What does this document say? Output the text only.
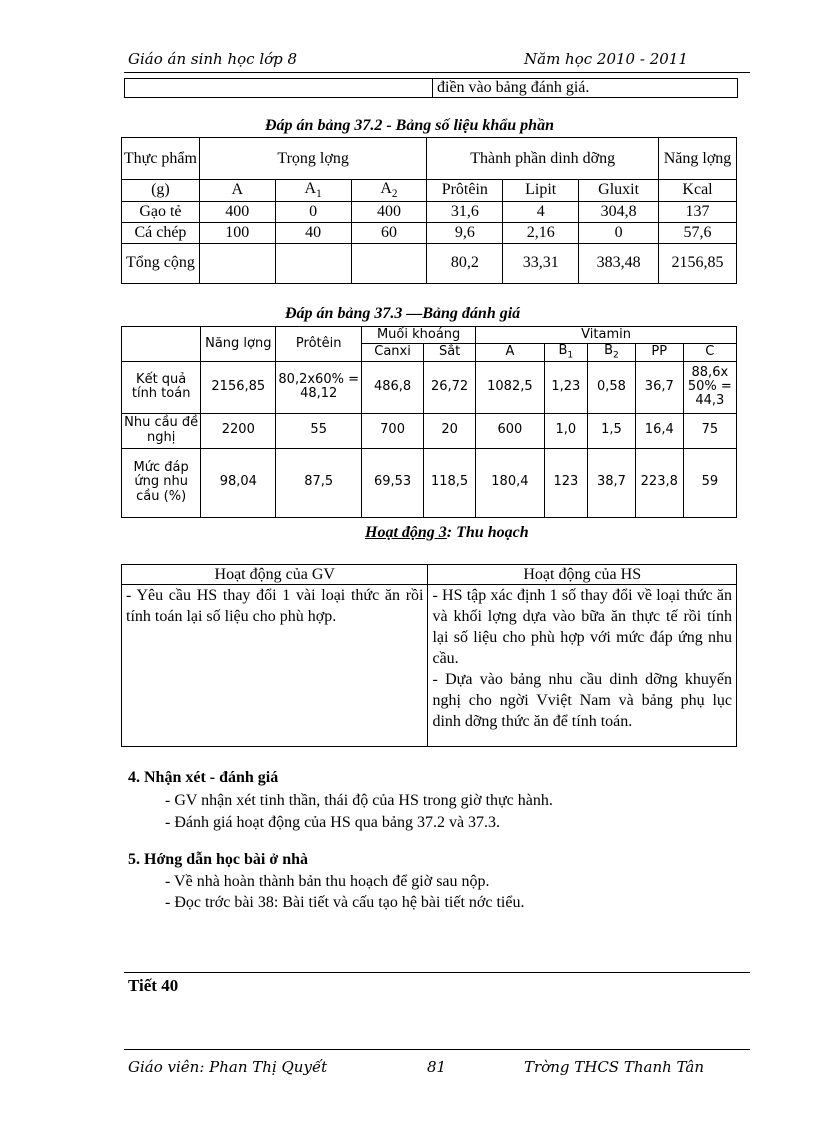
Giáo án sinh học lớp 8	Năm học 2010 - 2011
	điền vào bảng đánh giá.
Đáp án bảng 37.2 - Bảng số liệu khẩu phần
Thực phẩm	Trọng lợng			Thành phần dinh dỡng			Năng lợng
(g)	A	$A_1$	$A_2$	Prôtêin	Lipit	Gluxit	Kcal
Gạo tẻ	400	0	400	31,6	4	304,8	137
Cá chép	100	40	60	9,6	2,16	0	57,6
Tổng cộng				80,2	33,31	383,48	2156,85
Đáp án bảng 37.3 —Bảng đánh giá
	Năng lợng	Prôtêin	Muối khoáng		Vitamin				
			Canxi	Sắt	A	$B_1$	$B_2$	PP	C
Kết quả tính toán	2156,85	80,2x60% = 48,12	486,8	26,72	1082,5	1,23	0,58	36,7	88,6x 50% = 44,3
Nhu cầu đề nghị	2200	55	700	20	600	1,0	1,5	16,4	75
Mức đáp ứng nhu cầu (%)	98,04	87,5	69,53	118,5	180,4	123	38,7	223,8	59
Hoạt động 3: Thu hoạch
Hoạt động của GV	Hoạt động của HS
- Yêu cầu HS thay đổi 1 vài loại thức ăn rồi tính toán lại số liệu cho phù hợp.	- HS tập xác định 1 số thay đổi về loại thức ăn và khối lợng dựa vào bữa ăn thực tế rồi tính lại số liệu cho phù hợp với mức đáp ứng nhu cầu.
- Dựa vào bảng nhu cầu dinh dỡng khuyến nghị cho ngời Vviệt Nam và bảng phụ lục dinh dỡng thức ăn để tính toán.
4. Nhận xét - đánh giá
- GV nhận xét tinh thần, thái độ của HS trong giờ thực hành.
- Đánh giá hoạt động của HS qua bảng 37.2 và 37.3.
5. Hớng dẫn học bài ở nhà
- Về nhà hoàn thành bản thu hoạch để giờ sau nộp.
- Đọc trớc bài 38: Bài tiết và cấu tạo hệ bài tiết nớc tiểu.
Tiết 40
Giáo viên: Phan Thị Quyết	81	Trờng THCS Thanh Tân
